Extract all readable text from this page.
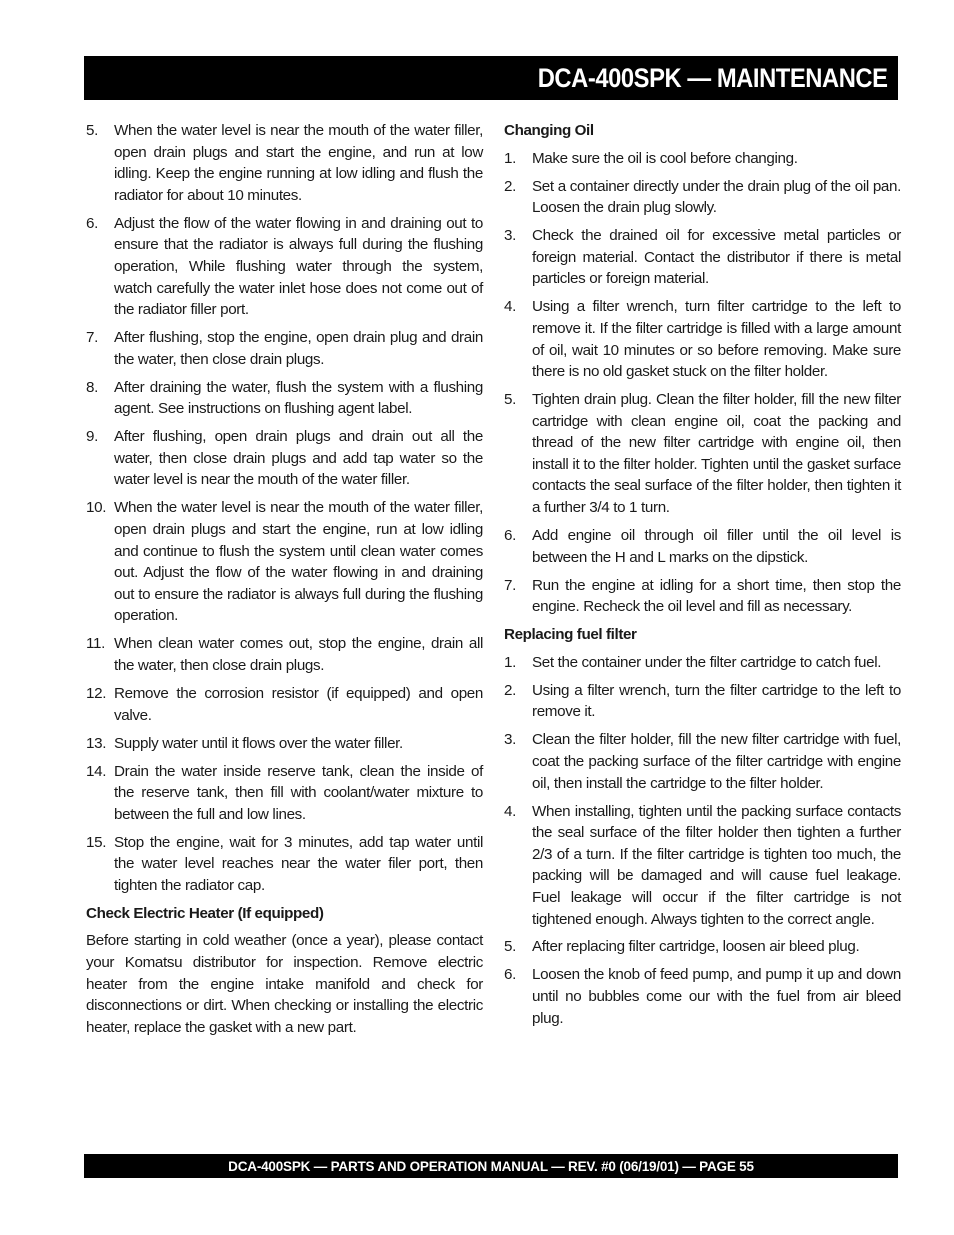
DCA-400SPK — MAINTENANCE
5.	When the water level is near the mouth of the water filler, open drain plugs and start the engine, and run at low idling. Keep the engine running at low idling and flush the radiator for about 10 minutes.
6.	Adjust the flow of the water flowing in and draining out to ensure that the radiator is always full during the flushing operation, While flushing water through the system, watch carefully the water inlet hose does not come out of the radiator filler port.
7.	After flushing, stop the engine, open drain plug and drain the water, then close drain plugs.
8.	After draining the water, flush the system with a flushing agent. See instructions on flushing agent label.
9.	After flushing, open drain plugs and drain out all the water, then close drain plugs and add tap water so the water level is near the mouth of the water filler.
10. When the water level is near the mouth of the water filler, open drain plugs and start the engine, run at low idling and continue to flush the system until clean water comes out. Adjust the flow of the water flowing in and draining out to ensure the radiator is always full during the flushing operation.
11. When clean water comes out, stop the engine, drain all the water, then close drain plugs.
12. Remove the corrosion resistor (if equipped) and open valve.
13. Supply water until it flows over the water filler.
14. Drain the water inside reserve tank, clean the inside of the reserve tank, then fill with coolant/water mixture to between the full and low lines.
15. Stop the engine, wait for 3 minutes, add tap water until the water level reaches near the water filer port, then tighten the radiator cap.
Check Electric Heater (If equipped)

Before starting in cold weather (once a year), please contact your Komatsu distributor for inspection. Remove electric heater from the engine intake manifold and check for disconnections or dirt. When checking or installing the electric heater, replace the gasket with a new part.

Changing Oil
1.	Make sure the oil is cool before changing.
2.	Set a container directly under the drain plug of the oil pan. Loosen the drain plug slowly.
3.	Check the drained oil for excessive metal particles or foreign material. Contact the distributor if there is metal particles or foreign material.
4.	Using a filter wrench, turn filter cartridge to the left to remove it. If the filter cartridge is filled with a large amount of oil, wait 10 minutes or so before removing. Make sure there is no old gasket stuck on the filter holder.
5.	Tighten drain plug. Clean the filter holder, fill the new filter cartridge with clean engine oil, coat the packing and thread of the new filter cartridge with engine oil, then install it to the filter holder. Tighten until the gasket surface contacts the seal surface of the filter holder, then tighten it a further 3/4 to 1 turn.
6.	Add engine oil through oil filler until the oil level is between the H and L marks on the dipstick.
7.	Run the engine at idling for a short time, then stop the engine. Recheck the oil level and fill as necessary.
Replacing fuel filter
1.	Set the container under the filter cartridge to catch fuel.
2.	Using a filter wrench, turn the filter cartridge to the left to remove it.
3.	Clean the filter holder, fill the new filter cartridge with fuel, coat the packing surface of the filter cartridge with engine oil, then install the cartridge to the filter holder.
4.	When installing, tighten until the packing surface contacts the seal surface of the filter holder then tighten a further 2/3 of a turn. If the filter cartridge is tighten too much, the packing will be damaged and will cause fuel leakage. Fuel leakage will occur if the filter cartridge is not tightened enough. Always tighten to the correct angle.
5.	After replacing filter cartridge, loosen air bleed plug.
6.	Loosen the knob of feed pump, and pump it up and down until no bubbles come our with the fuel from air bleed plug.
DCA-400SPK — PARTS AND OPERATION MANUAL — REV. #0 (06/19/01) — PAGE 55
